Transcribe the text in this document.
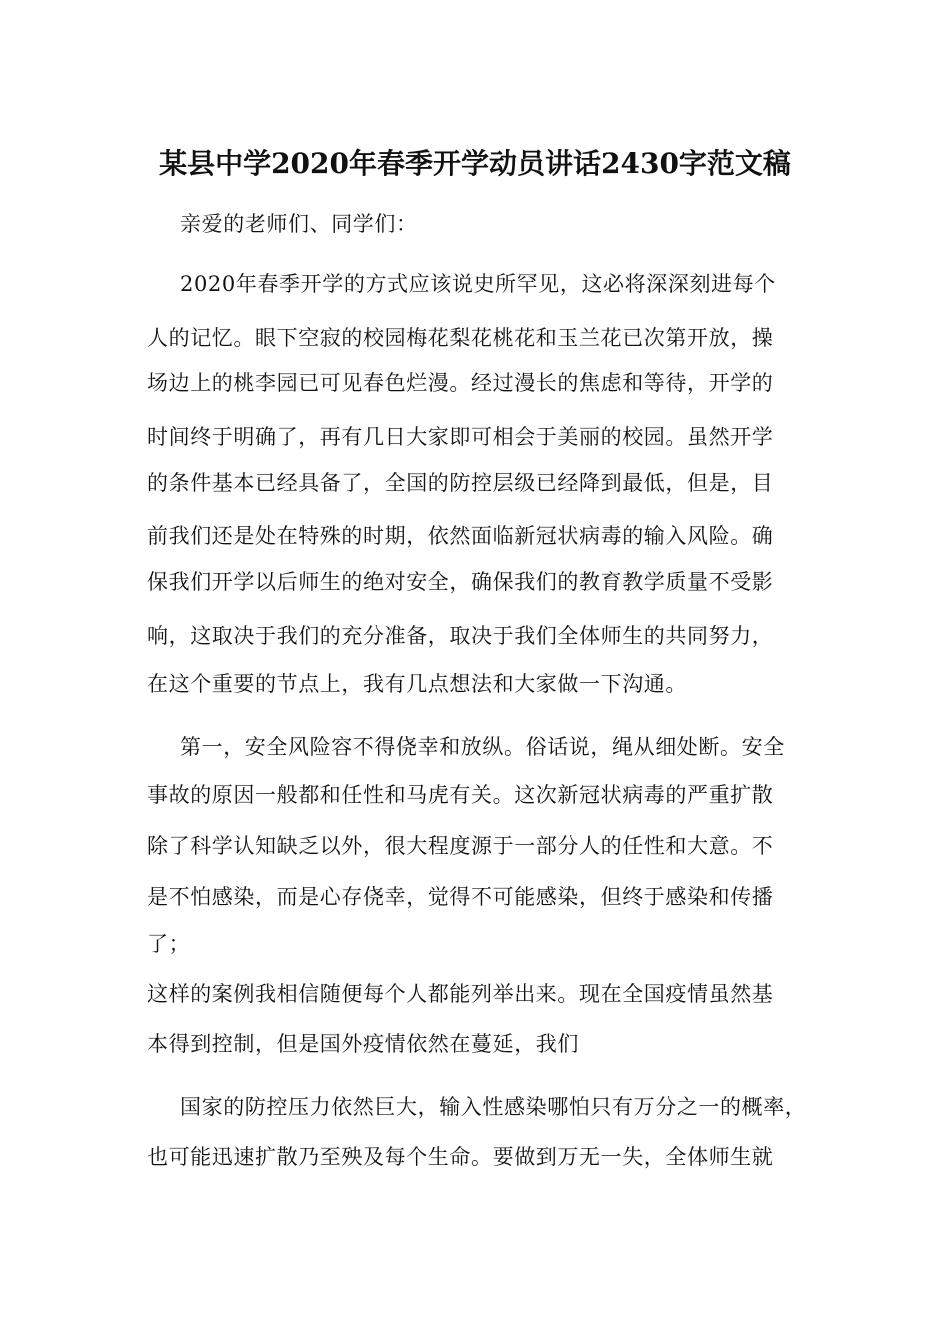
某县中学2020年春季开学动员讲话2430字范文稿
亲爱的老师们、同学们：
2020年春季开学的方式应该说史所罕见，这必将深深刻进每个
人的记忆。眼下空寂的校园梅花梨花桃花和玉兰花已次第开放，操
场边上的桃李园已可见春色烂漫。经过漫长的焦虑和等待，开学的
时间终于明确了，再有几日大家即可相会于美丽的校园。虽然开学
的条件基本已经具备了，全国的防控层级已经降到最低，但是，目
前我们还是处在特殊的时期，依然面临新冠状病毒的输入风险。确
保我们开学以后师生的绝对安全，确保我们的教育教学质量不受影
响，这取决于我们的充分准备，取决于我们全体师生的共同努力，
在这个重要的节点上，我有几点想法和大家做一下沟通。
第一，安全风险容不得侥幸和放纵。俗话说，绳从细处断。安全
事故的原因一般都和任性和马虎有关。这次新冠状病毒的严重扩散
除了科学认知缺乏以外，很大程度源于一部分人的任性和大意。不
是不怕感染，而是心存侥幸，觉得不可能感染，但终于感染和传播
了；
这样的案例我相信随便每个人都能列举出来。现在全国疫情虽然基
本得到控制，但是国外疫情依然在蔓延，我们
国家的防控压力依然巨大，输入性感染哪怕只有万分之一的概率，
也可能迅速扩散乃至殃及每个生命。要做到万无一失，全体师生就
